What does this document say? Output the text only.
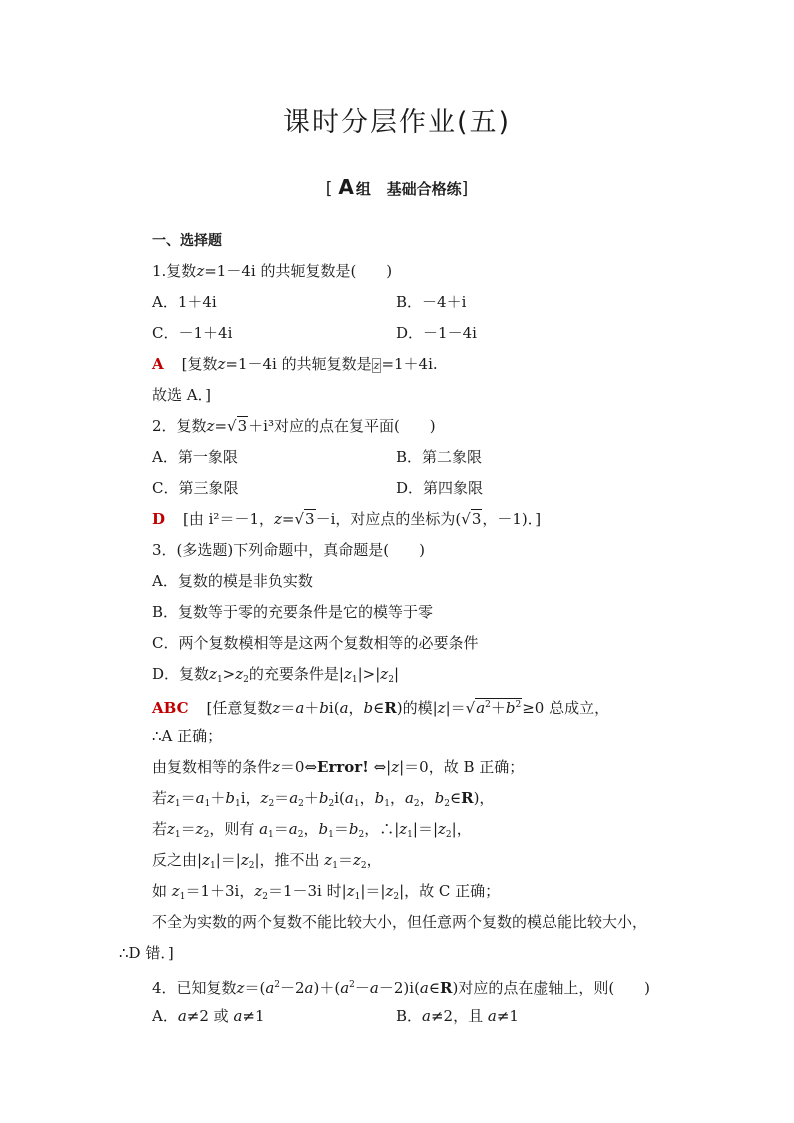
课时分层作业(五)
[ A 组 基础合格练]
一、选择题
1.复数z=1－4i 的共轭复数是(　　)
A．1＋4i	B．－4＋i
C．－1＋4i	D．－1－4i
A [复数z=1－4i 的共轭复数是 z =1＋4i.
故选 A．]
2．复数z=√3＋i³对应的点在复平面(　　)
A．第一象限	B．第二象限
C．第三象限	D．第四象限
D [由 i²＝－1，z=√3－i，对应点的坐标为(√3，－1)．]
3．(多选题)下列命题中，真命题是(　　)
A．复数的模是非负实数
B．复数等于零的充要条件是它的模等于零
C．两个复数模相等是这两个复数相等的必要条件
D．复数$z_1>z_2$的充要条件是$|z_1|>|z_2|$
ABC [任意复数z＝a＋bi(a，b∈R)的模$|z|=√a^2+b^2\ge 0$ 总成立，
∴A 正确；
由复数相等的条件z＝0⇔Error! ⇔|z|＝0，故 B 正确；
若$z_1=a_1+b_1i$，$z_2=a_2+b_2i(a_1$，$b_1$，$a_2$，$b_2\in R$)，
若$z_1=z_2$，则有 $a_1=a_2$，$b_1=b_2$，$\therefore|z_1|=|z_2|$，
反之由$|z_1|=|z_2|$，推不出 $z_1=z_2$，
如 $z_1=1+3i$，$z_2=1-3i$ 时$|z_1|=|z_2|$，故 C 正确；
不全为实数的两个复数不能比较大小，但任意两个复数的模总能比较大小，
∴D 错．]
4．已知复数$z=(a^2-2a)+(a^2-a-2)i(a\in R)$对应的点在虚轴上，则(　　)
A．a≠2 或 a≠1	B．a≠2，且 a≠1
